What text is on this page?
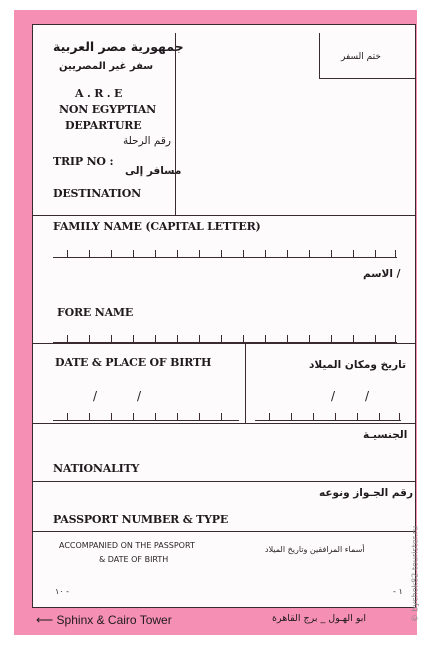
جمهورية مصر العربية
سفر غير المصريين
A . R . E
NON EGYPTIAN
DEPARTURE
رقم الرحلة
TRIP NO :
مسافر إلى
DESTINATION
ختم السفر
FAMILY NAME (CAPITAL LETTER)
/ الاسم
FORE NAME
DATE & PLACE OF BIRTH	تاريخ ومكان الميلاد
/	/	/ /
الجنسيـة
NATIONALITY
رقم الجـواز ونوعه
PASSPORT NUMBER & TYPE
ACCOMPANIED ON THE PASSPORT
& DATE OF BIRTH
أسماء المرافقين وتاريخ الميلاد
١٠ -	- ١
⟵ Sphinx & Cairo Tower	ابو الهـول _ برج القاهرة	© bychok82.tourister.ru
